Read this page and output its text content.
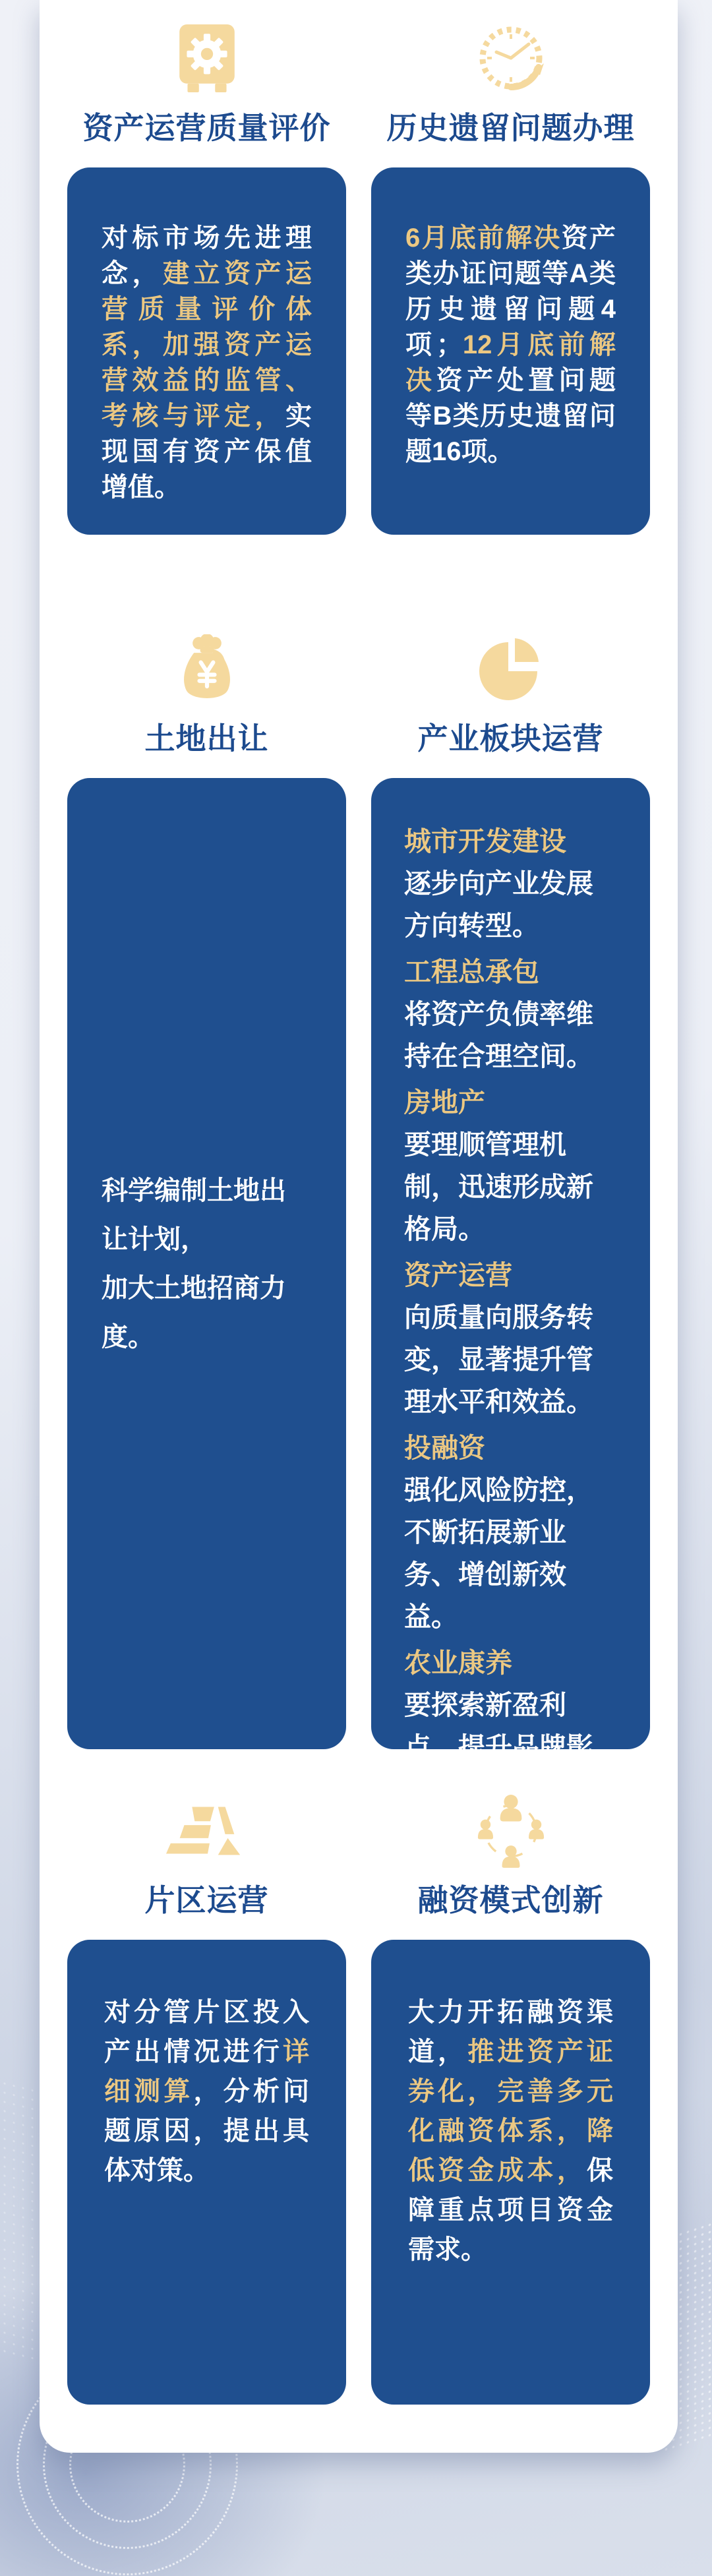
资产运营质量评价

对标市场先进理念，建立资产运营质量评价体系，加强资产运营效益的监管、考核与评定，实现国有资产保值增值。

历史遗留问题办理

6月底前解决资产类办证问题等A类历史遗留问题4项；12月底前解决资产处置问题等B类历史遗留问题16项。

土地出让

科学编制土地出让计划，
加大土地招商力度。

产业板块运营
城市开发建设
逐步向产业发展方向转型。
工程总承包
将资产负债率维持在合理空间。
房地产
要理顺管理机制，迅速形成新格局。
资产运营
向质量向服务转变，显著提升管理水平和效益。
投融资
强化风险防控，不断拓展新业务、增创新效益。
农业康养
要探索新盈利点，提升品牌影响力。
片区运营

对分管片区投入产出情况进行详细测算，分析问题原因，提出具体对策。

融资模式创新

大力开拓融资渠道，推进资产证券化，完善多元化融资体系，降低资金成本，保障重点项目资金需求。
